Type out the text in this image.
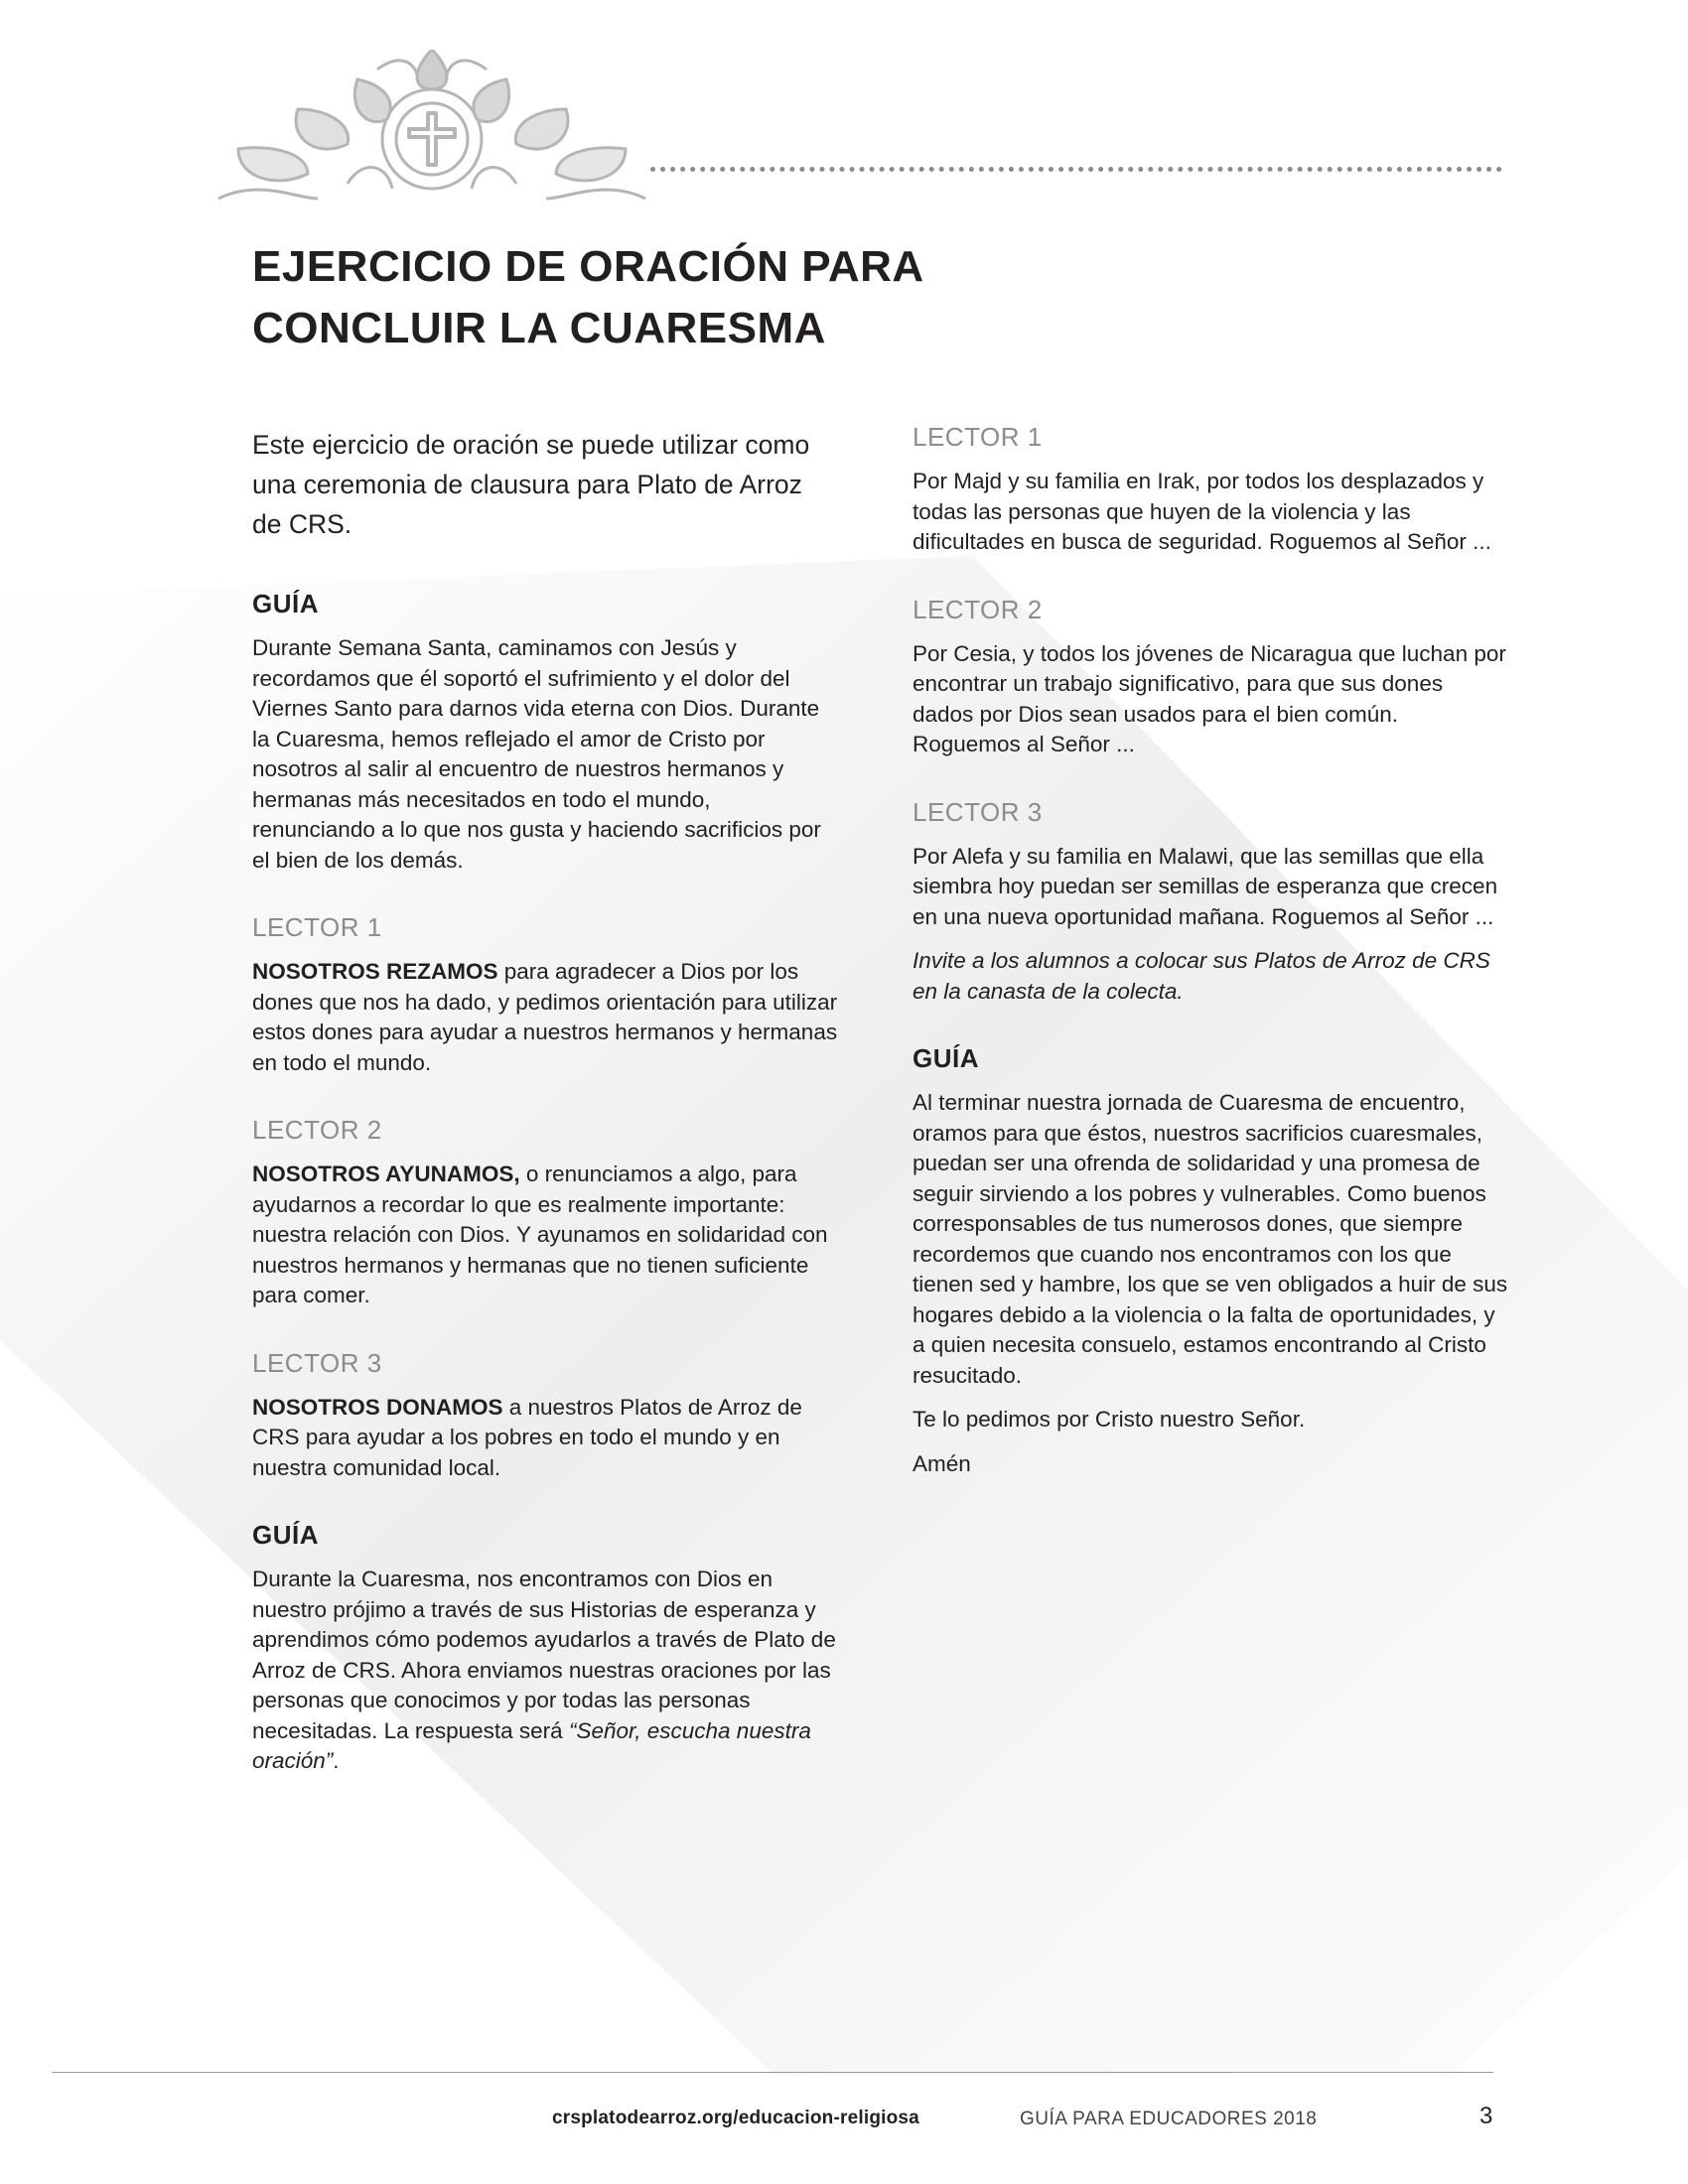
EJERCICIO DE ORACIÓN PARA
CONCLUIR LA CUARESMA

Este ejercicio de oración se puede utilizar como una ceremonia de clausura para Plato de Arroz de CRS.

GUÍA

Durante Semana Santa, caminamos con Jesús y recordamos que él soportó el sufrimiento y el dolor del Viernes Santo para darnos vida eterna con Dios. Durante la Cuaresma, hemos reflejado el amor de Cristo por nosotros al salir al encuentro de nuestros hermanos y hermanas más necesitados en todo el mundo, renunciando a lo que nos gusta y haciendo sacrificios por el bien de los demás.

LECTOR 1

NOSOTROS REZAMOS para agradecer a Dios por los dones que nos ha dado, y pedimos orientación para utilizar estos dones para ayudar a nuestros hermanos y hermanas en todo el mundo.

LECTOR 2

NOSOTROS AYUNAMOS, o renunciamos a algo, para ayudarnos a recordar lo que es realmente importante: nuestra relación con Dios. Y ayunamos en solidaridad con nuestros hermanos y hermanas que no tienen suficiente para comer.

LECTOR 3

NOSOTROS DONAMOS a nuestros Platos de Arroz de CRS para ayudar a los pobres en todo el mundo y en nuestra comunidad local.

GUÍA

Durante la Cuaresma, nos encontramos con Dios en nuestro prójimo a través de sus Historias de esperanza y aprendimos cómo podemos ayudarlos a través de Plato de Arroz de CRS. Ahora enviamos nuestras oraciones por las personas que conocimos y por todas las personas necesitadas. La respuesta será “Señor, escucha nuestra oración”.

LECTOR 1

Por Majd y su familia en Irak, por todos los desplazados y todas las personas que huyen de la violencia y las dificultades en busca de seguridad. Roguemos al Señor ...

LECTOR 2

Por Cesia, y todos los jóvenes de Nicaragua que luchan por encontrar un trabajo significativo, para que sus dones dados por Dios sean usados para el bien común. Roguemos al Señor ...

LECTOR 3

Por Alefa y su familia en Malawi, que las semillas que ella siembra hoy puedan ser semillas de esperanza que crecen en una nueva oportunidad mañana. Roguemos al Señor ...

Invite a los alumnos a colocar sus Platos de Arroz de CRS en la canasta de la colecta.

GUÍA

Al terminar nuestra jornada de Cuaresma de encuentro, oramos para que éstos, nuestros sacrificios cuaresmales, puedan ser una ofrenda de solidaridad y una promesa de seguir sirviendo a los pobres y vulnerables. Como buenos corresponsables de tus numerosos dones, que siempre recordemos que cuando nos encontramos con los que tienen sed y hambre, los que se ven obligados a huir de sus hogares debido a la violencia o la falta de oportunidades, y a quien necesita consuelo, estamos encontrando al Cristo resucitado.

Te lo pedimos por Cristo nuestro Señor.

Amén

crsplatodearroz.org/educacion-religiosa	GUÍA PARA EDUCADORES 2018	3
